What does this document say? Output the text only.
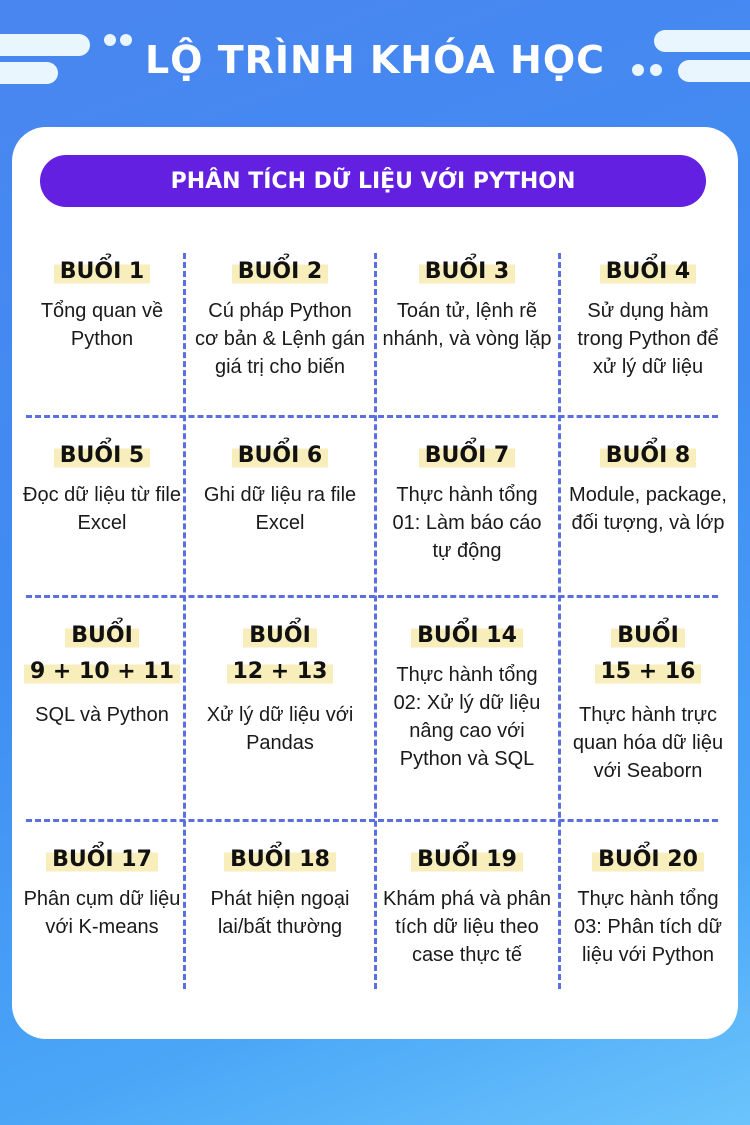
LỘ TRÌNH KHÓA HỌC
PHÂN TÍCH DỮ LIỆU VỚI PYTHON
BUỔI 1
Tổng quan về Python
BUỔI 2
Cú pháp Python cơ bản & Lệnh gán giá trị cho biến
BUỔI 3
Toán tử, lệnh rẽ nhánh, và vòng lặp
BUỔI 4
Sử dụng hàm trong Python để xử lý dữ liệu
BUỔI 5
Đọc dữ liệu từ file Excel
BUỔI 6
Ghi dữ liệu ra file Excel
BUỔI 7
Thực hành tổng 01: Làm báo cáo tự động
BUỔI 8
Module, package, đối tượng, và lớp
BUỔI
9 + 10 + 11
SQL và Python
BUỔI
12 + 13
Xử lý dữ liệu với Pandas
BUỔI 14
Thực hành tổng 02: Xử lý dữ liệu nâng cao với Python và SQL
BUỔI
15 + 16
Thực hành trực quan hóa dữ liệu với Seaborn
BUỔI 17
Phân cụm dữ liệu với K-means
BUỔI 18
Phát hiện ngoại lai/bất thường
BUỔI 19
Khám phá và phân tích dữ liệu theo case thực tế
BUỔI 20
Thực hành tổng 03: Phân tích dữ liệu với Python
